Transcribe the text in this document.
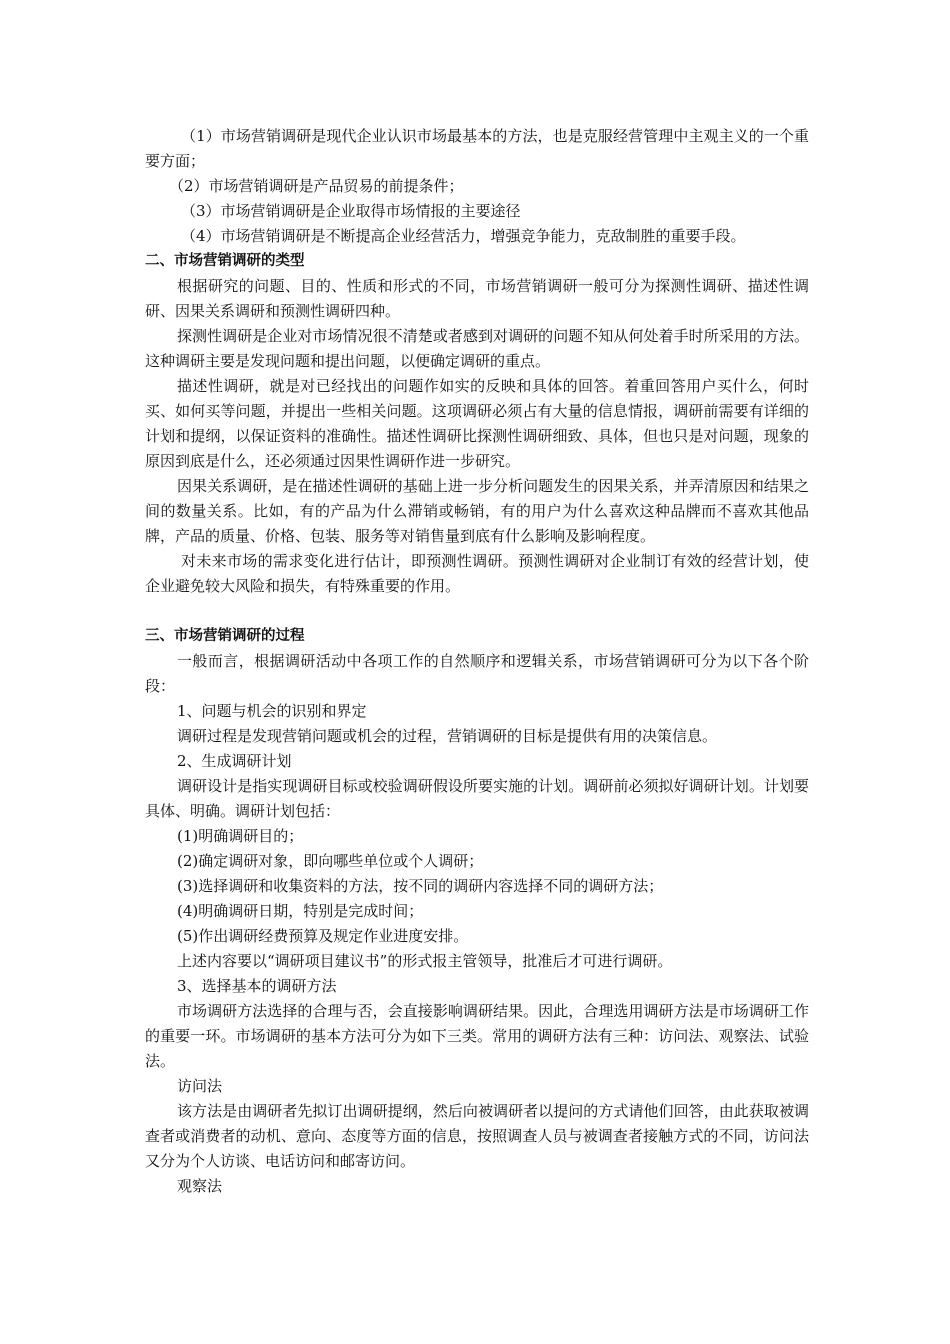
（1）市场营销调研是现代企业认识市场最基本的方法，也是克服经营管理中主观主义的一个重要方面；

（2）市场营销调研是产品贸易的前提条件；

（3）市场营销调研是企业取得市场情报的主要途径

（4）市场营销调研是不断提高企业经营活力，增强竞争能力，克敌制胜的重要手段。

二、市场营销调研的类型

根据研究的问题、目的、性质和形式的不同，市场营销调研一般可分为探测性调研、描述性调研、因果关系调研和预测性调研四种。

探测性调研是企业对市场情况很不清楚或者感到对调研的问题不知从何处着手时所采用的方法。这种调研主要是发现问题和提出问题，以便确定调研的重点。

描述性调研，就是对已经找出的问题作如实的反映和具体的回答。着重回答用户买什么，何时买、如何买等问题，并提出一些相关问题。这项调研必须占有大量的信息情报，调研前需要有详细的计划和提纲，以保证资料的准确性。描述性调研比探测性调研细致、具体，但也只是对问题，现象的原因到底是什么，还必须通过因果性调研作进一步研究。

因果关系调研，是在描述性调研的基础上进一步分析问题发生的因果关系，并弄清原因和结果之间的数量关系。比如，有的产品为什么滞销或畅销，有的用户为什么喜欢这种品牌而不喜欢其他品牌，产品的质量、价格、包装、服务等对销售量到底有什么影响及影响程度。

对未来市场的需求变化进行估计，即预测性调研。预测性调研对企业制订有效的经营计划，使企业避免较大风险和损失，有特殊重要的作用。

三、市场营销调研的过程

一般而言，根据调研活动中各项工作的自然顺序和逻辑关系，市场营销调研可分为以下各个阶段：

1、问题与机会的识别和界定

调研过程是发现营销问题或机会的过程，营销调研的目标是提供有用的决策信息。

2、生成调研计划

调研设计是指实现调研目标或校验调研假设所要实施的计划。调研前必须拟好调研计划。计划要具体、明确。调研计划包括：

(1)明确调研目的；

(2)确定调研对象，即向哪些单位或个人调研；

(3)选择调研和收集资料的方法，按不同的调研内容选择不同的调研方法；

(4)明确调研日期，特别是完成时间；

(5)作出调研经费预算及规定作业进度安排。

上述内容要以“调研项目建议书”的形式报主管领导，批准后才可进行调研。

3、选择基本的调研方法

市场调研方法选择的合理与否，会直接影响调研结果。因此，合理选用调研方法是市场调研工作的重要一环。市场调研的基本方法可分为如下三类。常用的调研方法有三种：访问法、观察法、试验法。

访问法

该方法是由调研者先拟订出调研提纲，然后向被调研者以提问的方式请他们回答，由此获取被调查者或消费者的动机、意向、态度等方面的信息，按照调查人员与被调查者接触方式的不同，访问法又分为个人访谈、电话访问和邮寄访问。

观察法
